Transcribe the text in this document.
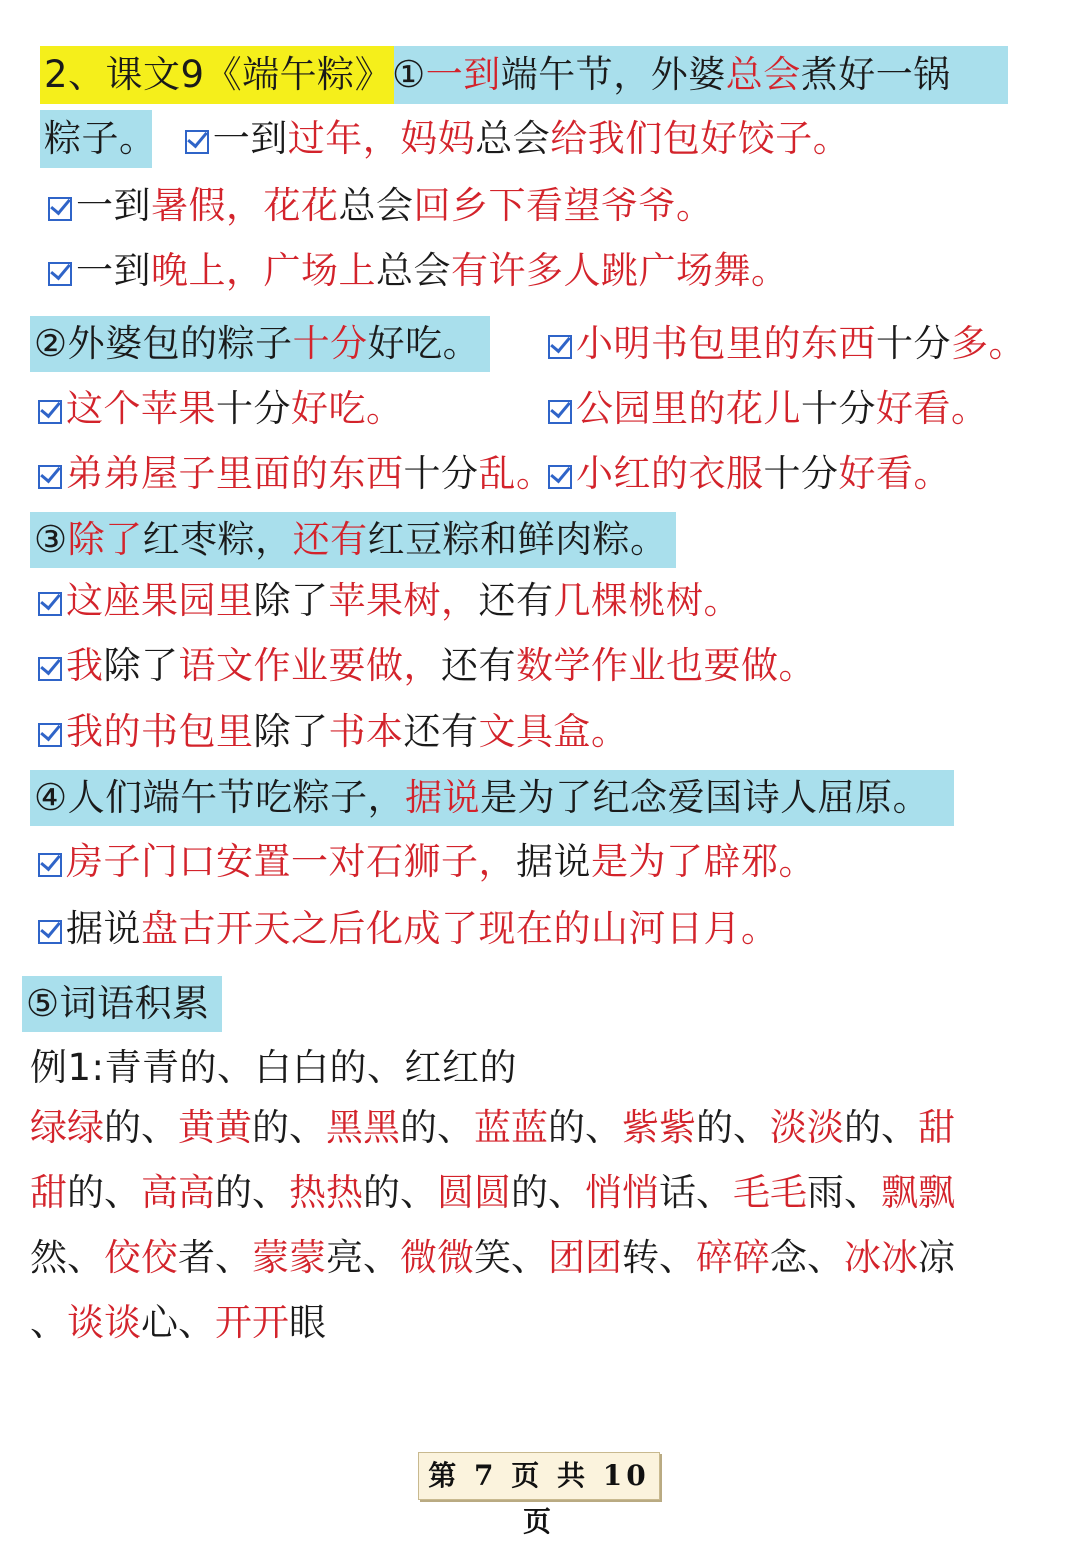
2、课文9《端午粽》①一到端午节，外婆总会煮好一锅
粽子。 一到过年，妈妈总会给我们包好饺子。
一到暑假，花花总会回乡下看望爷爷。
一到晚上，广场上总会有许多人跳广场舞。
②外婆包的粽子十分好吃。	小明书包里的东西十分多。
这个苹果十分好吃。	公园里的花儿十分好看。
弟弟屋子里面的东西十分乱。 小红的衣服十分好看。
③除了红枣粽，还有红豆粽和鲜肉粽。
这座果园里除了苹果树，还有几棵桃树。
我除了语文作业要做，还有数学作业也要做。
我的书包里除了书本还有文具盒。
④人们端午节吃粽子，据说是为了纪念爱国诗人屈原。
房子门口安置一对石狮子，据说是为了辟邪。
据说盘古开天之后化成了现在的山河日月。
⑤词语积累
例1:青青的、白白的、红红的
绿绿的、黄黄的、黑黑的、蓝蓝的、紫紫的、淡淡的、甜
甜的、高高的、热热的、圆圆的、悄悄话、毛毛雨、飘飘
然、佼佼者、蒙蒙亮、微微笑、团团转、碎碎念、冰冰凉
、谈谈心、开开眼
第 7 页 共 10 页
